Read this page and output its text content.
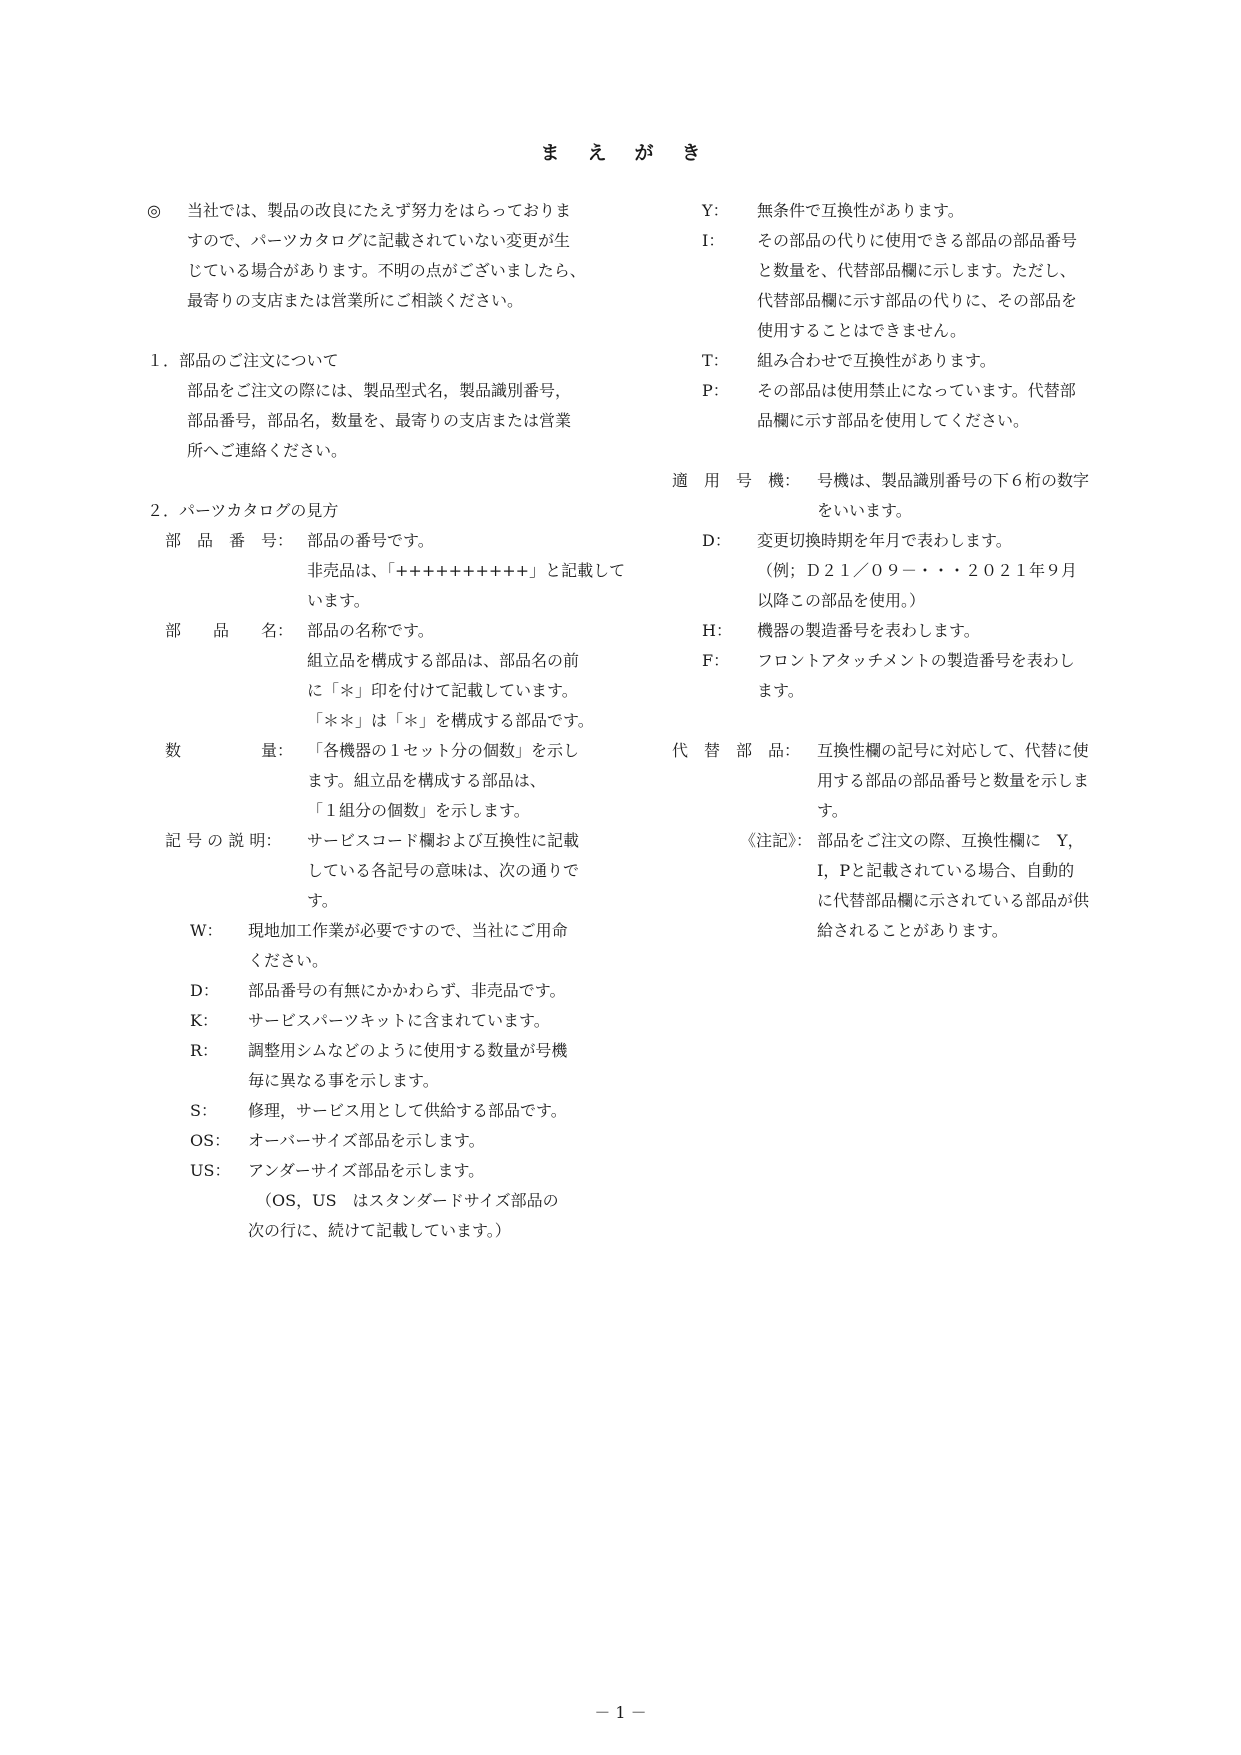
まえがき
◎ 当社では、製品の改良にたえず努力をはらっておりま
すので、パーツカタログに記載されていない変更が生
じている場合があります。不明の点がございましたら、
最寄りの支店または営業所にご相談ください。
１．部品のご注文について
部品をご注文の際には、製品型式名，製品識別番号，
部品番号，部品名，数量を、最寄りの支店または営業
所へご連絡ください。
２．パーツカタログの見方
部　品　番　号： 部品の番号です。
非売品は、「++++++++++」と記載して
います。
部　　品　　名： 部品の名称です。
組立品を構成する部品は、部品名の前
に「＊」印を付けて記載しています。
「＊＊」は「＊」を構成する部品です。
数　　　　　量： 「各機器の１セット分の個数」を示し
ます。組立品を構成する部品は、
「１組分の個数」を示します。
記 号 の 説 明： サービスコード欄および互換性に記載
している各記号の意味は、次の通りで
す。
W： 現地加工作業が必要ですので、当社にご用命
ください。
D： 部品番号の有無にかかわらず、非売品です。
K： サービスパーツキットに含まれています。
R： 調整用シムなどのように使用する数量が号機
毎に異なる事を示します。
S： 修理，サービス用として供給する部品です。
OS： オーバーサイズ部品を示します。
US： アンダーサイズ部品を示します。
（OS，US　はスタンダードサイズ部品の
次の行に、続けて記載しています。）
Y： 無条件で互換性があります。
I： その部品の代りに使用できる部品の部品番号
と数量を、代替部品欄に示します。ただし、
代替部品欄に示す部品の代りに、その部品を
使用することはできません。
T： 組み合わせで互換性があります。
P： その部品は使用禁止になっています。代替部
品欄に示す部品を使用してください。
適　用　号　機： 号機は、製品識別番号の下６桁の数字
をいいます。
D： 変更切換時期を年月で表わします。
（例；Ｄ２１／０９－・・・２０２１年９月
以降この部品を使用。）
H： 機器の製造番号を表わします。
F： フロントアタッチメントの製造番号を表わし
ます。
代　替　部　品： 互換性欄の記号に対応して、代替に使
用する部品の部品番号と数量を示しま
す。
《注記》： 部品をご注文の際、互換性欄に　Y，
I，Pと記載されている場合、自動的
に代替部品欄に示されている部品が供
給されることがあります。
－ 1 －
